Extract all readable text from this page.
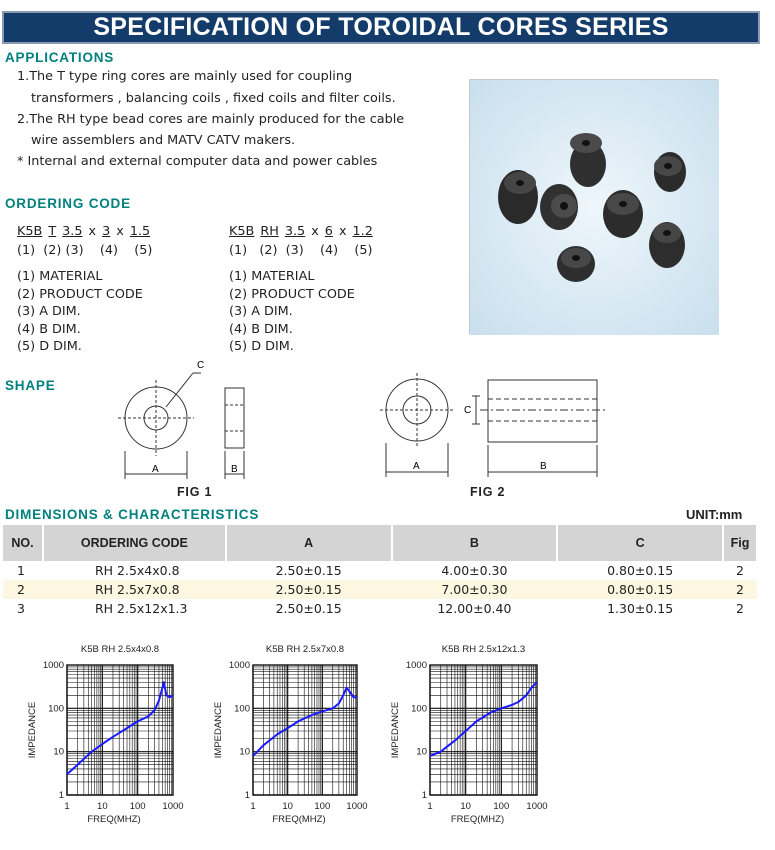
SPECIFICATION OF TOROIDAL CORES SERIES
APPLICATIONS
1.The T type ring cores are mainly used for coupling
transformers , balancing coils , fixed coils and filter coils.
2.The RH type bead cores are mainly produced for the cable
wire assemblers and MATV CATV makers.
* Internal and external computer data and power cables
ORDERING CODE
K5B T 3.5 x 3 x 1.5
(1)  (2) (3)    (4)    (5)
(1) MATERIAL
(2) PRODUCT CODE
(3) A DIM.
(4) B DIM.
(5) D DIM.
K5B RH 3.5 x 6 x 1.2
(1)   (2)  (3)    (4)    (5)
(1) MATERIAL
(2) PRODUCT CODE
(3) A DIM.
(4) B DIM.
(5) D DIM.
SHAPE
C
A	B
C
A	B
FIG 1	FIG 2
DIMENSIONS & CHARACTERISTICS	UNIT:mm
NO.	ORDERING CODE	A	B	C	Fig
1	RH 2.5x4x0.8	2.50±0.15	4.00±0.30	0.80±0.15	2
2	RH 2.5x7x0.8	2.50±0.15	7.00±0.30	0.80±0.15	2
3	RH 2.5x12x1.3	2.50±0.15	12.00±0.40	1.30±0.15	2
K5B RH 2.5x4x0.8
1
10
100
1000
1	10 100 1000
FREQ(MHZ)
IMPEDANCE
K5B RH 2.5x7x0.8
1
10
100
1000
1	10 100 1000
FREQ(MHZ)
IMPEDANCE
K5B RH 2.5x12x1.3
1
10
100
1000
1	10 100 1000
FREQ(MHZ)
IMPEDANCE
